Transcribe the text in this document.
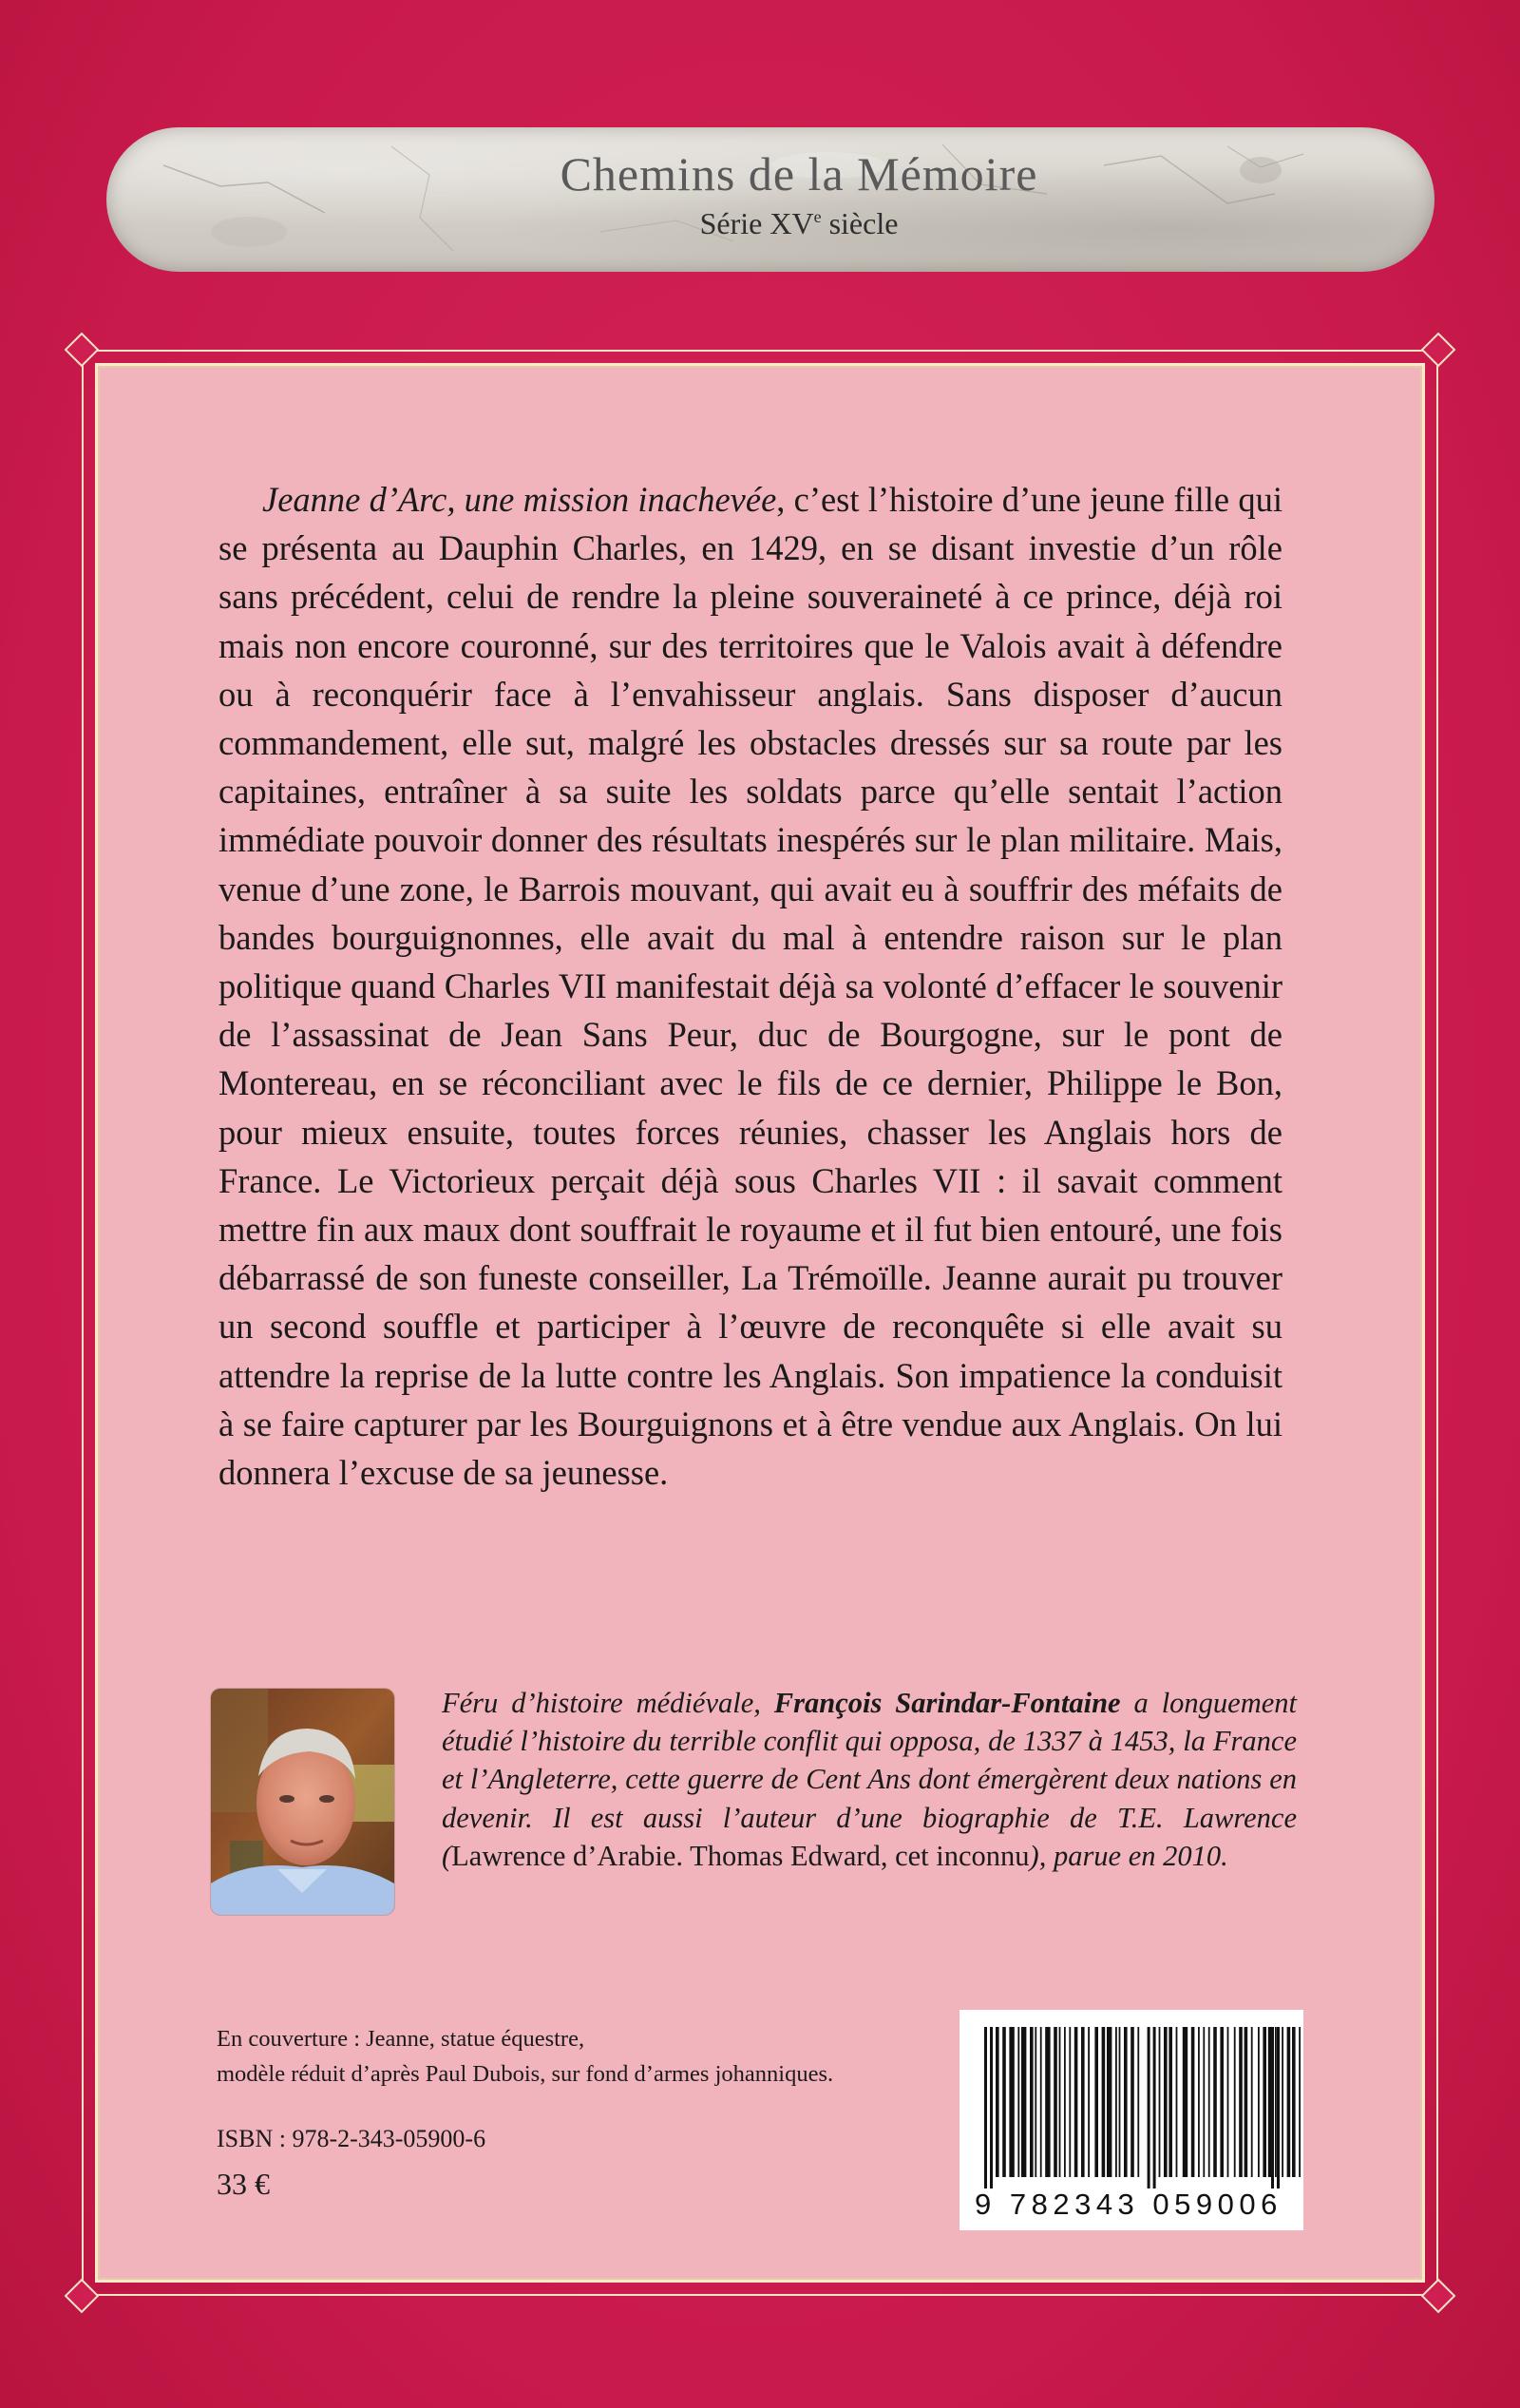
Chemins de la Mémoire
Série XVe siècle
Jeanne d’Arc, une mission inachevée, c’est l’histoire d’une jeune fille qui se présenta au Dauphin Charles, en 1429, en se disant investie d’un rôle sans précédent, celui de rendre la pleine souveraineté à ce prince, déjà roi mais non encore couronné, sur des territoires que le Valois avait à défendre ou à reconquérir face à l’envahisseur anglais. Sans disposer d’aucun commandement, elle sut, malgré les obstacles dressés sur sa route par les capitaines, entraîner à sa suite les soldats parce qu’elle sentait l’action immédiate pouvoir donner des résultats inespérés sur le plan militaire. Mais, venue d’une zone, le Barrois mouvant, qui avait eu à souffrir des méfaits de bandes bourguignonnes, elle avait du mal à entendre raison sur le plan politique quand Charles VII manifestait déjà sa volonté d’effacer le souvenir de l’assassinat de Jean Sans Peur, duc de Bourgogne, sur le pont de Montereau, en se réconciliant avec le fils de ce dernier, Philippe le Bon, pour mieux ensuite, toutes forces réunies, chasser les Anglais hors de France. Le Victorieux perçait déjà sous Charles VII : il savait comment mettre fin aux maux dont souffrait le royaume et il fut bien entouré, une fois débarrassé de son funeste conseiller, La Trémoïlle. Jeanne aurait pu trouver un second souffle et participer à l’œuvre de reconquête si elle avait su attendre la reprise de la lutte contre les Anglais. Son impatience la conduisit à se faire capturer par les Bourguignons et à être vendue aux Anglais. On lui donnera l’excuse de sa jeunesse.
Féru d’histoire médiévale, François Sarindar-Fontaine a longuement étudié l’histoire du terrible conflit qui opposa, de 1337 à 1453, la France et l’Angleterre, cette guerre de Cent Ans dont émergèrent deux nations en devenir. Il est aussi l’auteur d’une biographie de T.E. Lawrence (Lawrence d’Arabie. Thomas Edward, cet inconnu), parue en 2010.
En couverture : Jeanne, statue équestre,
modèle réduit d’après Paul Dubois, sur fond d’armes johanniques.
ISBN : 978-2-343-05900-6
33 €
9 782343 059006
